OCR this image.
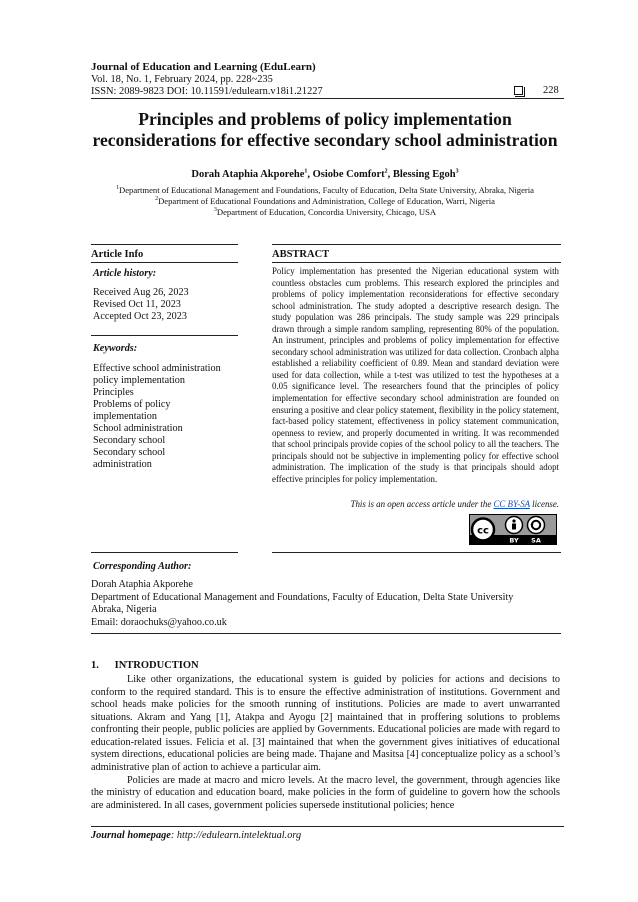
Journal of Education and Learning (EduLearn)
Vol. 18, No. 1, February 2024, pp. 228~235
ISSN: 2089-9823 DOI: 10.11591/edulearn.v18i1.21227	228
Principles and problems of policy implementation
reconsiderations for effective secondary school administration
Dorah Ataphia Akporehe$^1$, Osiobe Comfort$^2$, Blessing Egoh$^3$
$^1$Department of Educational Management and Foundations, Faculty of Education, Delta State University, Abraka, Nigeria
$^2$Department of Educational Foundations and Administration, College of Education, Warri, Nigeria
$^3$Department of Education, Concordia University, Chicago, USA
Article Info	ABSTRACT
Article history:
Received Aug 26, 2023
Revised Oct 11, 2023
Accepted Oct 23, 2023
Keywords:
Effective school administration
policy implementation
Principles
Problems of policy
implementation
School administration
Secondary school
Secondary school
administration
Policy implementation has presented the Nigerian educational system with countless obstacles cum problems. This research explored the principles and problems of policy implementation reconsiderations for effective secondary school administration. The study adopted a descriptive research design. The study population was 286 principals. The study sample was 229 principals drawn through a simple random sampling, representing 80% of the population. An instrument, principles and problems of policy implementation for effective secondary school administration was utilized for data collection. Cronbach alpha established a reliability coefficient of 0.89. Mean and standard deviation were used for data collection, while a t-test was utilized to test the hypotheses at a 0.05 significance level. The researchers found that the principles of policy implementation for effective secondary school administration are founded on ensuring a positive and clear policy statement, flexibility in the policy statement, fact-based policy statement, effectiveness in policy statement communication, openness to review, and properly documented in writing. It was recommended that school principals provide copies of the school policy to all the teachers. The principals should not be subjective in implementing policy for effective school administration. The implication of the study is that principals should adopt effective principles for policy implementation.
This is an open access article under the CC BY-SA license.
cc
BY SA
Corresponding Author:
Dorah Ataphia Akporehe
Department of Educational Management and Foundations, Faculty of Education, Delta State University
Abraka, Nigeria
Email: doraochuks@yahoo.co.uk
1.      INTRODUCTION

Like other organizations, the educational system is guided by policies for actions and decisions to conform to the required standard. This is to ensure the effective administration of institutions. Government and school heads make policies for the smooth running of institutions. Policies are made to avert unwarranted situations. Akram and Yang [1], Atakpa and Ayogu [2] maintained that in proffering solutions to problems confronting their people, public policies are applied by Governments. Educational policies are made with regard to education-related issues. Felicia et al. [3] maintained that when the government gives initiatives of educational system directions, educational policies are being made. Thajane and Masitsa [4] conceptualize policy as a school’s administrative plan of action to achieve a particular aim.

Policies are made at macro and micro levels. At the macro level, the government, through agencies like the ministry of education and education board, make policies in the form of guideline to govern how the schools are administered. In all cases, government policies supersede institutional policies; hence

Journal homepage: http://edulearn.intelektual.org
